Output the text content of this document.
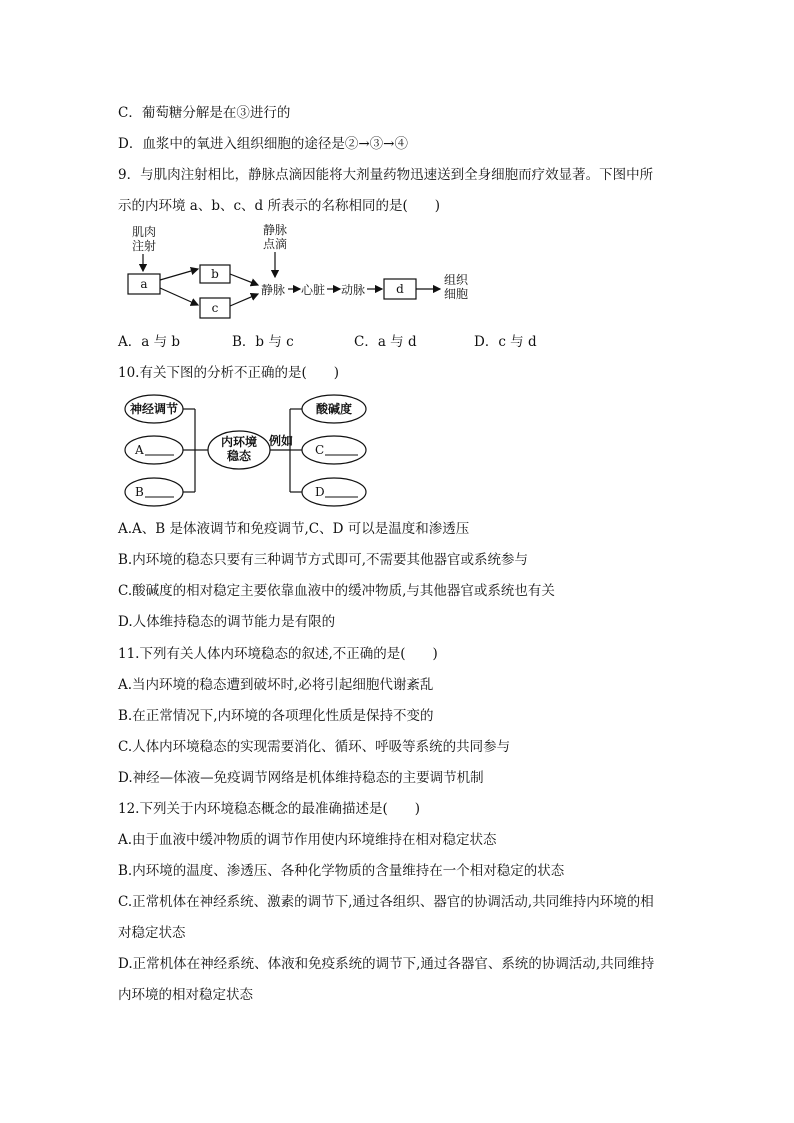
C．葡萄糖分解是在③进行的
D．血浆中的氧进入组织细胞的途径是②→③→④
9．与肌肉注射相比，静脉点滴因能将大剂量药物迅速送到全身细胞而疗效显著。下图中所
示的内环境 a、b、c、d 所表示的名称相同的是(　　)
肌肉
注射
a
b
c
静脉
点滴
静脉 心脏 动脉	d
组织
细胞
A．a 与 b	B．b 与 c	C．a 与 d	D．c 与 d
10.有关下图的分析不正确的是(　　)
神经调节
A
B
内环境
稳态
例如
酸碱度
C
D
A.A、B 是体液调节和免疫调节,C、D 可以是温度和渗透压
B.内环境的稳态只要有三种调节方式即可,不需要其他器官或系统参与
C.酸碱度的相对稳定主要依靠血液中的缓冲物质,与其他器官或系统也有关
D.人体维持稳态的调节能力是有限的
11.下列有关人体内环境稳态的叙述,不正确的是(　　)
A.当内环境的稳态遭到破坏时,必将引起细胞代谢紊乱
B.在正常情况下,内环境的各项理化性质是保持不变的
C.人体内环境稳态的实现需要消化、循环、呼吸等系统的共同参与
D.神经—体液—免疫调节网络是机体维持稳态的主要调节机制
12.下列关于内环境稳态概念的最准确描述是(　　)
A.由于血液中缓冲物质的调节作用使内环境维持在相对稳定状态
B.内环境的温度、渗透压、各种化学物质的含量维持在一个相对稳定的状态
C.正常机体在神经系统、激素的调节下,通过各组织、器官的协调活动,共同维持内环境的相
对稳定状态
D.正常机体在神经系统、体液和免疫系统的调节下,通过各器官、系统的协调活动,共同维持
内环境的相对稳定状态
